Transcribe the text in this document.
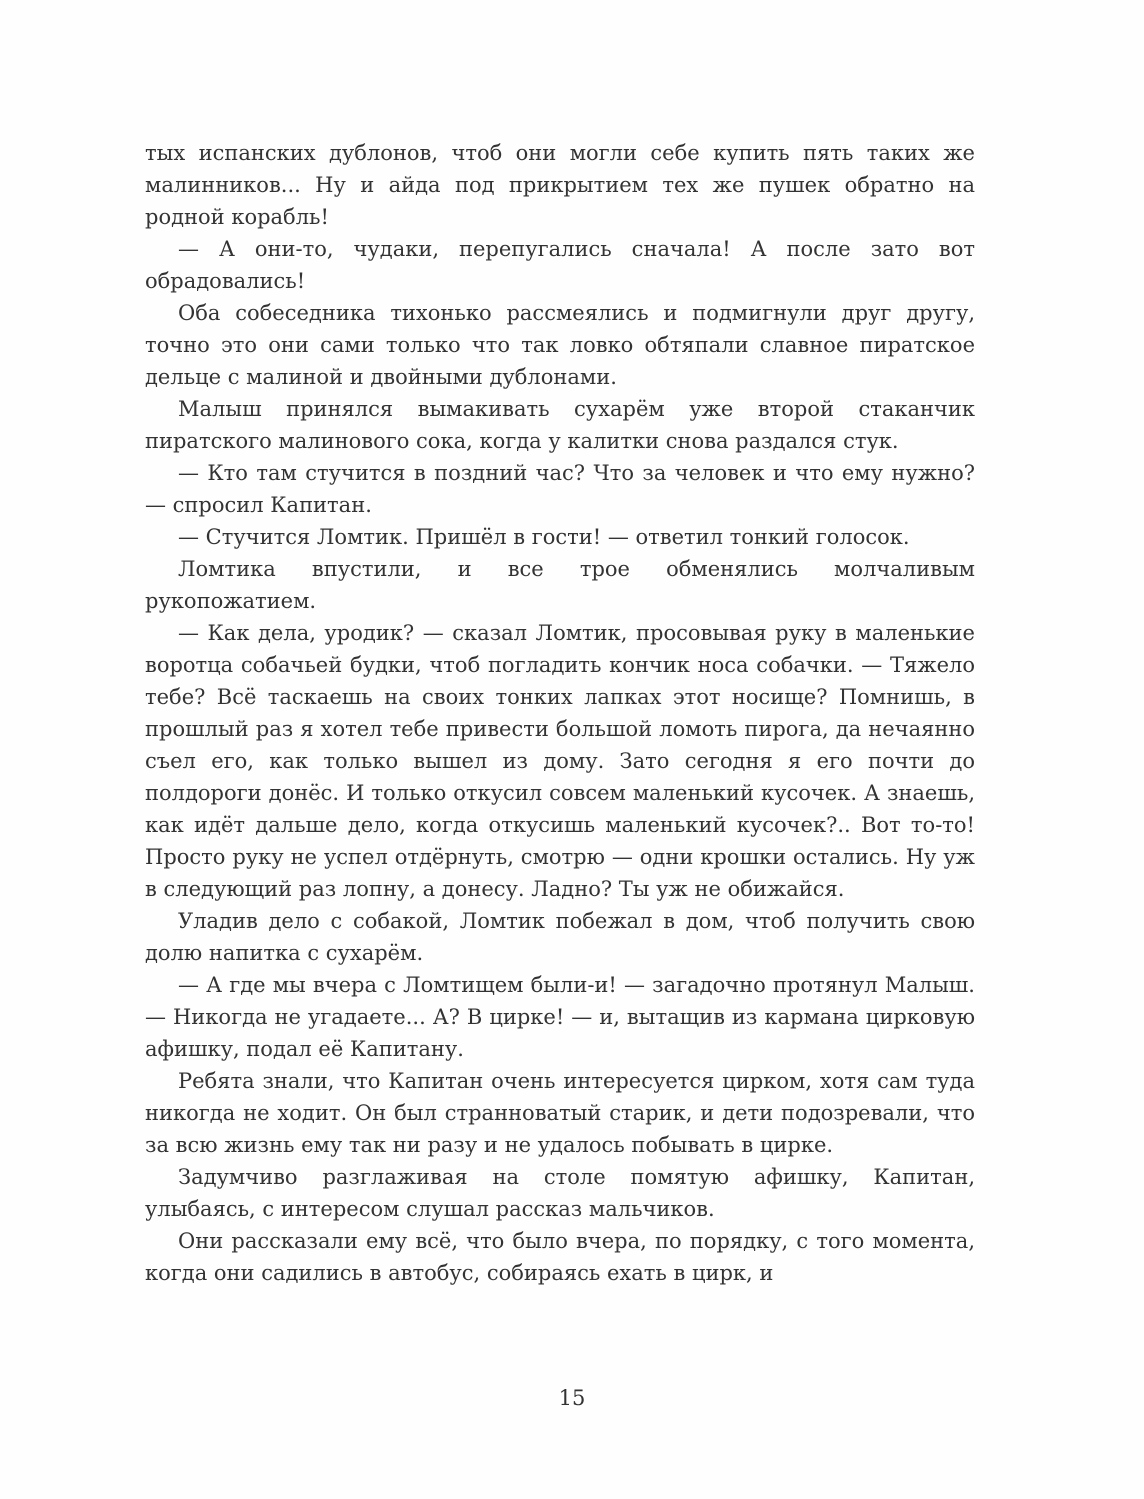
тых испанских дублонов, чтоб они могли себе купить пять таких же малинников... Ну и айда под прикрытием тех же пушек обратно на родной корабль!

— А они-то, чудаки, перепугались сначала! А после зато вот обрадовались!

Оба собеседника тихонько рассмеялись и подмигнули друг другу, точно это они сами только что так ловко обтяпали славное пиратское дельце с малиной и двойными дублонами.

Малыш принялся вымакивать сухарём уже второй стаканчик пиратского малинового сока, когда у калитки снова раздался стук.

— Кто там стучится в поздний час? Что за человек и что ему нужно? — спросил Капитан.

— Стучится Ломтик. Пришёл в гости! — ответил тонкий голосок.

Ломтика впустили, и все трое обменялись молчаливым рукопожатием.

— Как дела, уродик? — сказал Ломтик, просовывая руку в маленькие воротца собачьей будки, чтоб погладить кончик носа собачки. — Тяжело тебе? Всё таскаешь на своих тонких лапках этот носище? Помнишь, в прошлый раз я хотел тебе привести большой ломоть пирога, да нечаянно съел его, как только вышел из дому. Зато сегодня я его почти до полдороги донёс. И только откусил совсем маленький кусочек. А знаешь, как идёт дальше дело, когда откусишь маленький кусочек?.. Вот то-то! Просто руку не успел отдёрнуть, смотрю — одни крошки остались. Ну уж в следующий раз лопну, а донесу. Ладно? Ты уж не обижайся.

Уладив дело с собакой, Ломтик побежал в дом, чтоб получить свою долю напитка с сухарём.

— А где мы вчера с Ломтищем были-и! — загадочно протянул Малыш. — Никогда не угадаете... А? В цирке! — и, вытащив из кармана цирковую афишку, подал её Капитану.

Ребята знали, что Капитан очень интересуется цирком, хотя сам туда никогда не ходит. Он был странноватый старик, и дети подозревали, что за всю жизнь ему так ни разу и не удалось побывать в цирке.

Задумчиво разглаживая на столе помятую афишку, Капитан, улыбаясь, с интересом слушал рассказ мальчиков.

Они рассказали ему всё, что было вчера, по порядку, с того момента, когда они садились в автобус, собираясь ехать в цирк, и

15
